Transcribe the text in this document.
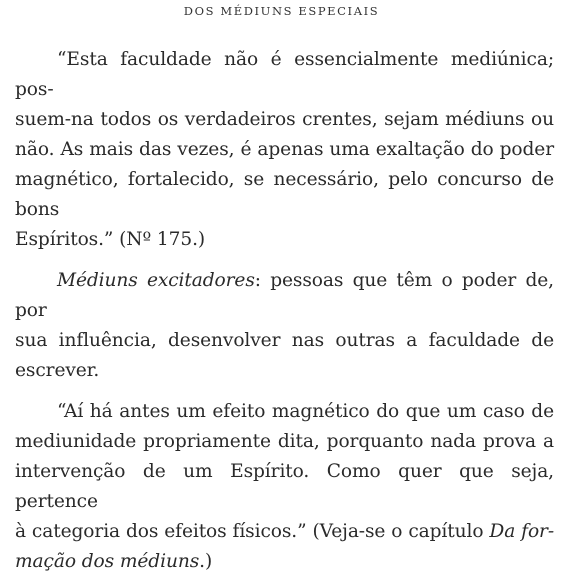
DOS MÉDIUNS ESPECIAIS

“Esta faculdade não é essencialmente mediúnica; pos-
suem-na todos os verdadeiros crentes, sejam médiuns ou
não. As mais das vezes, é apenas uma exaltação do poder
magnético, fortalecido, se necessário, pelo concurso de bons
Espíritos.” (Nº 175.)

Médiuns excitadores: pessoas que têm o poder de, por
sua influência, desenvolver nas outras a faculdade de
escrever.

“Aí há antes um efeito magnético do que um caso de
mediunidade propriamente dita, porquanto nada prova a
intervenção de um Espírito. Como quer que seja, pertence
à categoria dos efeitos físicos.” (Veja-se o capítulo Da for-
mação dos médiuns.)
